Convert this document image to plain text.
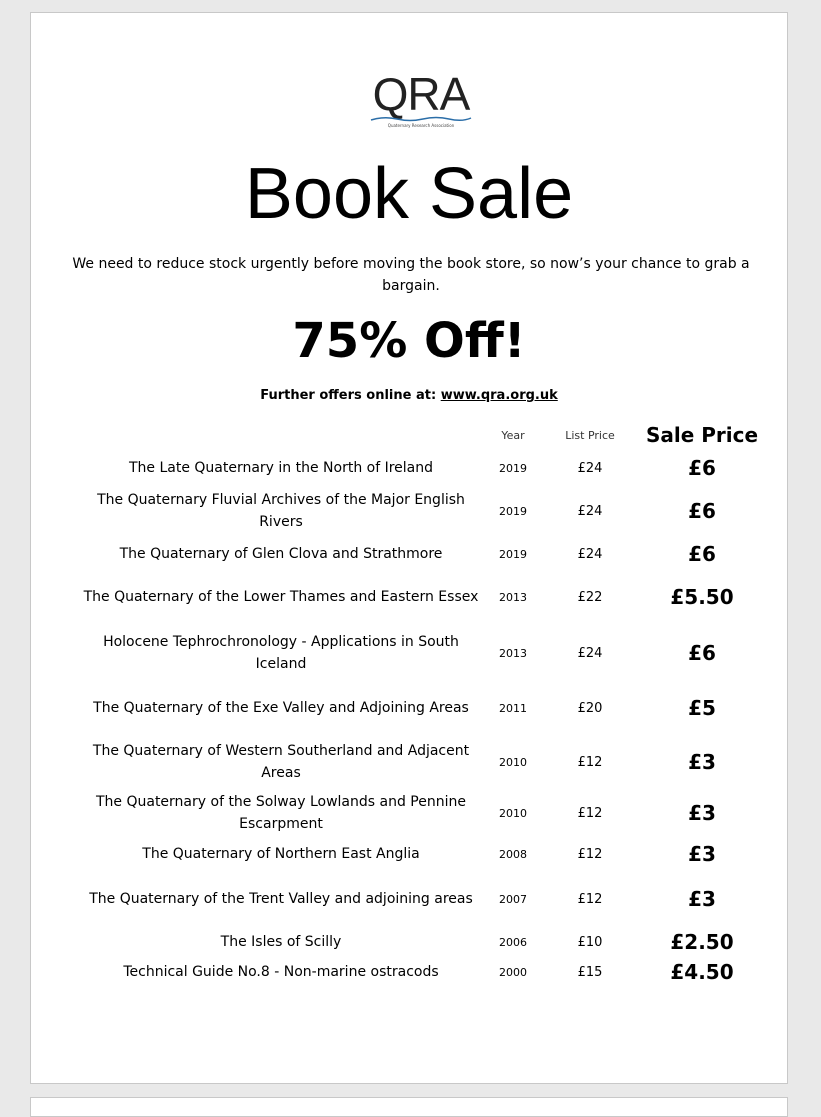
QRA
Quaternary Research Association
Book Sale
We need to reduce stock urgently before moving the book store, so now’s your chance to grab a bargain.
75% Off!
Further offers online at: www.qra.org.uk
	Year	List Price	Sale Price
The Late Quaternary in the North of Ireland	2019	£24	£6
The Quaternary Fluvial Archives of the Major English Rivers	2019	£24	£6
The Quaternary of Glen Clova and Strathmore	2019	£24	£6
The Quaternary of the Lower Thames and Eastern Essex	2013	£22	£5.50
Holocene Tephrochronology - Applications in South Iceland	2013	£24	£6
The Quaternary of the Exe Valley and Adjoining Areas	2011	£20	£5
The Quaternary of Western Southerland and Adjacent Areas	2010	£12	£3
The Quaternary of the Solway Lowlands and Pennine Escarpment	2010	£12	£3
The Quaternary of Northern East Anglia	2008	£12	£3
The Quaternary of the Trent Valley and adjoining areas	2007	£12	£3
The Isles of Scilly	2006	£10	£2.50
Technical Guide No.8 - Non-marine ostracods	2000	£15	£4.50
